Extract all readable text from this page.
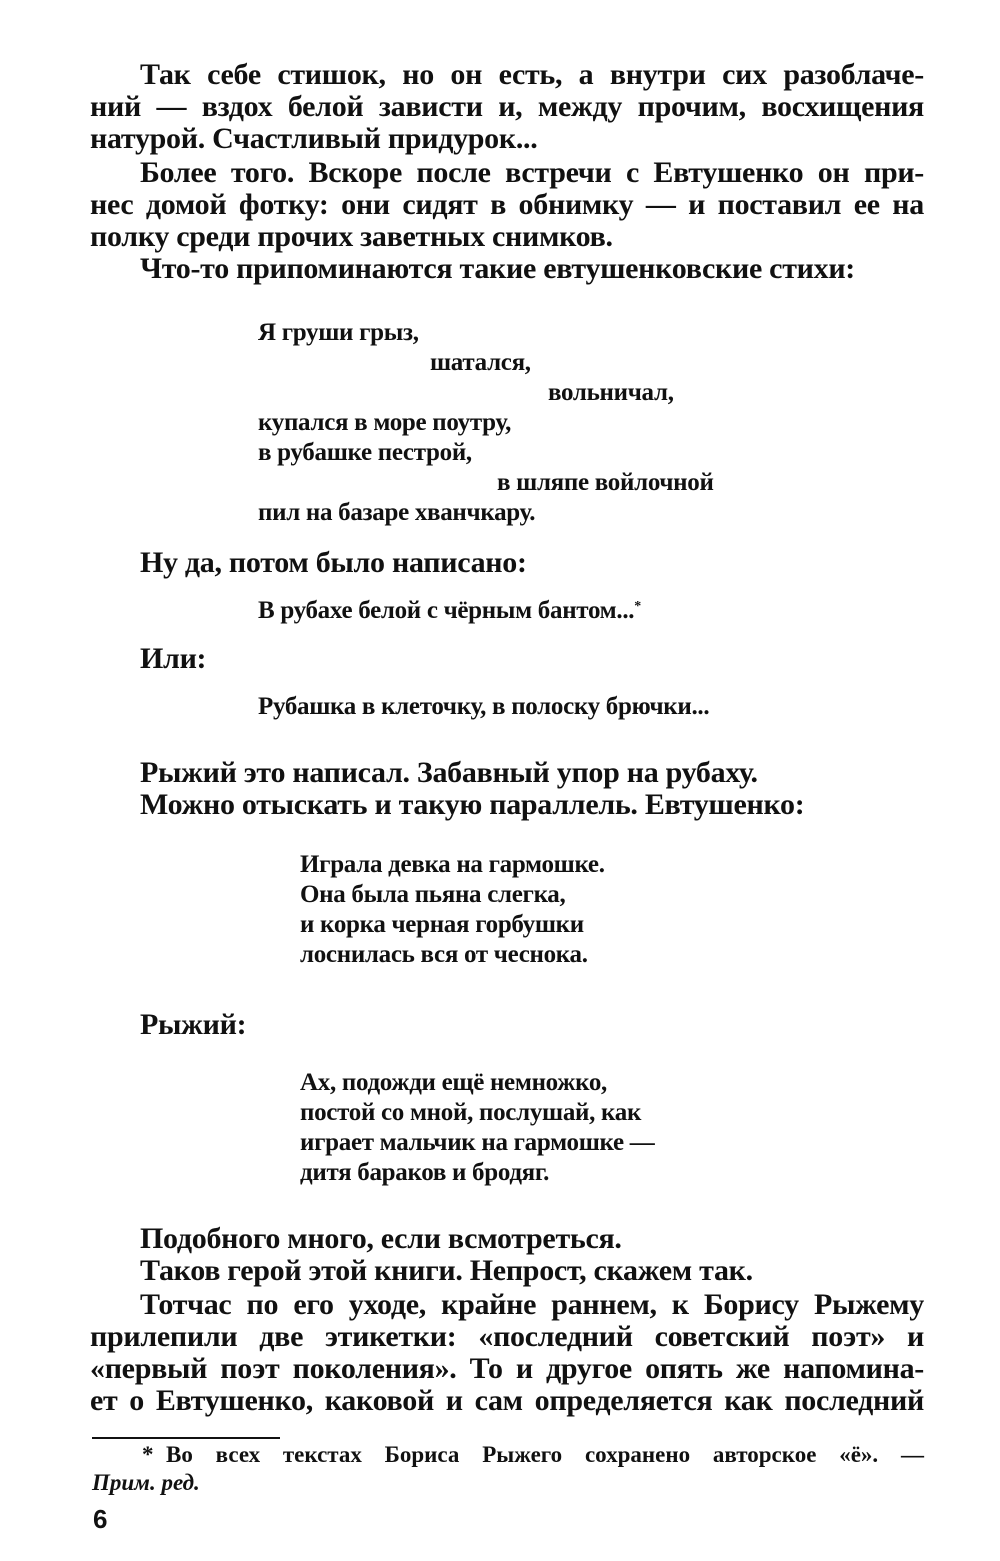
Так себе стишок, но он есть, а внутри сих разоблаче-
ний — вздох белой зависти и, между прочим, восхищения
натурой. Счастливый придурок...
Более того. Вскоре после встречи с Евтушенко он при-
нес домой фотку: они сидят в обнимку — и поставил ее на
полку среди прочих заветных снимков.
Что-то припоминаются такие евтушенковские стихи:
Я груши грыз,
шатался,
вольничал,
купался в море поутру,
в рубашке пестрой,
в шляпе войлочной
пил на базаре хванчкару.
Ну да, потом было написано:
В рубахе белой с чёрным бантом...*
Или:
Рубашка в клеточку, в полоску брючки...
Рыжий это написал. Забавный упор на рубаху.
Можно отыскать и такую параллель. Евтушенко:
Играла девка на гармошке.
Она была пьяна слегка,
и корка черная горбушки
лоснилась вся от чеснока.
Рыжий:
Ах, подожди ещё немножко,
постой со мной, послушай, как
играет мальчик на гармошке —
дитя бараков и бродяг.
Подобного много, если всмотреться.
Таков герой этой книги. Непрост, скажем так.
Тотчас по его уходе, крайне раннем, к Борису Рыжему
прилепили две этикетки: «последний советский поэт» и
«первый поэт поколения». То и другое опять же напомина-
ет о Евтушенко, каковой и сам определяется как последний
* Во всех текстах Бориса Рыжего сохранено авторское «ё». —
Прим. ред.
6
